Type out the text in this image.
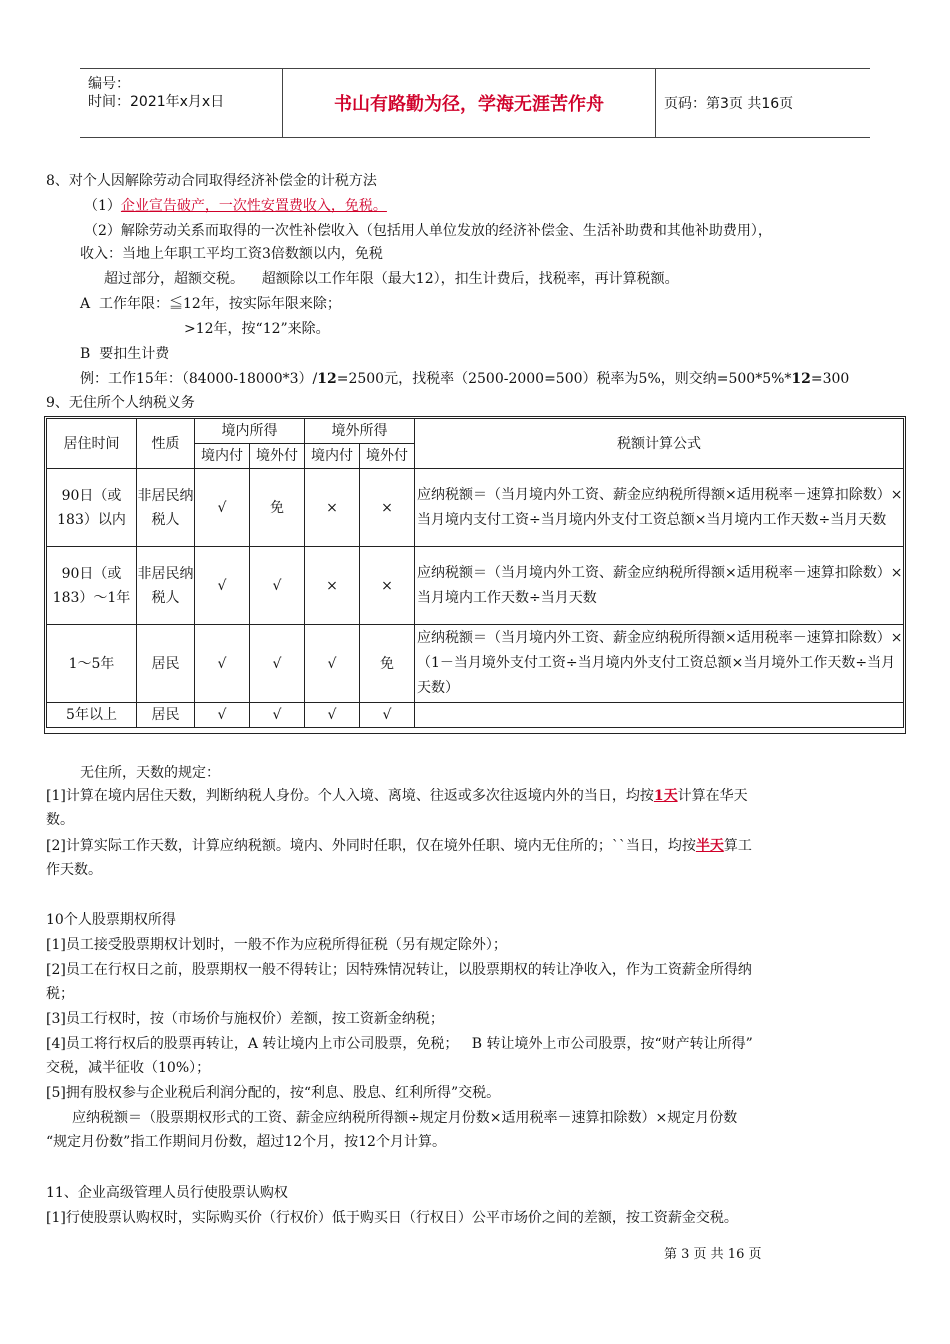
编号：
时间：2021年x月x日	书山有路勤为径，学海无涯苦作舟	页码：第3页 共16页
8、对个人因解除劳动合同取得经济补偿金的计税方法
（1）企业宣告破产，一次性安置费收入，免税。
（2）解除劳动关系而取得的一次性补偿收入（包括用人单位发放的经济补偿金、生活补助费和其他补助费用），
收入：当地上年职工平均工资3倍数额以内，免税
超过部分，超额交税。    超额除以工作年限（最大12），扣生计费后，找税率，再计算税额。
A  工作年限：≦12年，按实际年限来除；
>12年，按“12”来除。
B  要扣生计费
例：工作15年：（84000-18000*3）/12=2500元，找税率（2500-2000=500）税率为5%，则交纳=500*5%*12=300
9、无住所个人纳税义务
居住时间	性质	境内所得		境外所得		税额计算公式
		境内付	境外付	境内付	境外付	
90日（或183）以内	非居民纳税人	√	免	×	×	应纳税额＝（当月境内外工资、薪金应纳税所得额×适用税率－速算扣除数）×当月境内支付工资÷当月境内外支付工资总额×当月境内工作天数÷当月天数
90日（或183）～1年	非居民纳税人	√	√	×	×	应纳税额＝（当月境内外工资、薪金应纳税所得额×适用税率－速算扣除数）×当月境内工作天数÷当月天数
1～5年	居民	√	√	√	免	应纳税额＝（当月境内外工资、薪金应纳税所得额×适用税率－速算扣除数）×（1－当月境外支付工资÷当月境内外支付工资总额×当月境外工作天数÷当月天数）
5年以上	居民	√	√	√	√	
无住所，天数的规定：
[1]计算在境内居住天数，判断纳税人身份。个人入境、离境、往返或多次往返境内外的当日，均按1天计算在华天
数。
[2]计算实际工作天数，计算应纳税额。境内、外同时任职，仅在境外任职、境内无住所的；``当日，均按半天算工
作天数。
10个人股票期权所得
[1]员工接受股票期权计划时，一般不作为应税所得征税（另有规定除外）；
[2]员工在行权日之前，股票期权一般不得转让；因特殊情况转让，以股票期权的转让净收入，作为工资薪金所得纳
税；
[3]员工行权时，按（市场价与施权价）差额，按工资新金纳税；
[4]员工将行权后的股票再转让，A 转让境内上市公司股票，免税；   B 转让境外上市公司股票，按“财产转让所得”
交税，减半征收（10%）；
[5]拥有股权参与企业税后利润分配的，按“利息、股息、红利所得”交税。
应纳税额＝（股票期权形式的工资、薪金应纳税所得额÷规定月份数×适用税率－速算扣除数）×规定月份数
“规定月份数”指工作期间月份数，超过12个月，按12个月计算。
11、企业高级管理人员行使股票认购权
[1]行使股票认购权时，实际购买价（行权价）低于购买日（行权日）公平市场价之间的差额，按工资薪金交税。
第 3 页 共 16 页
